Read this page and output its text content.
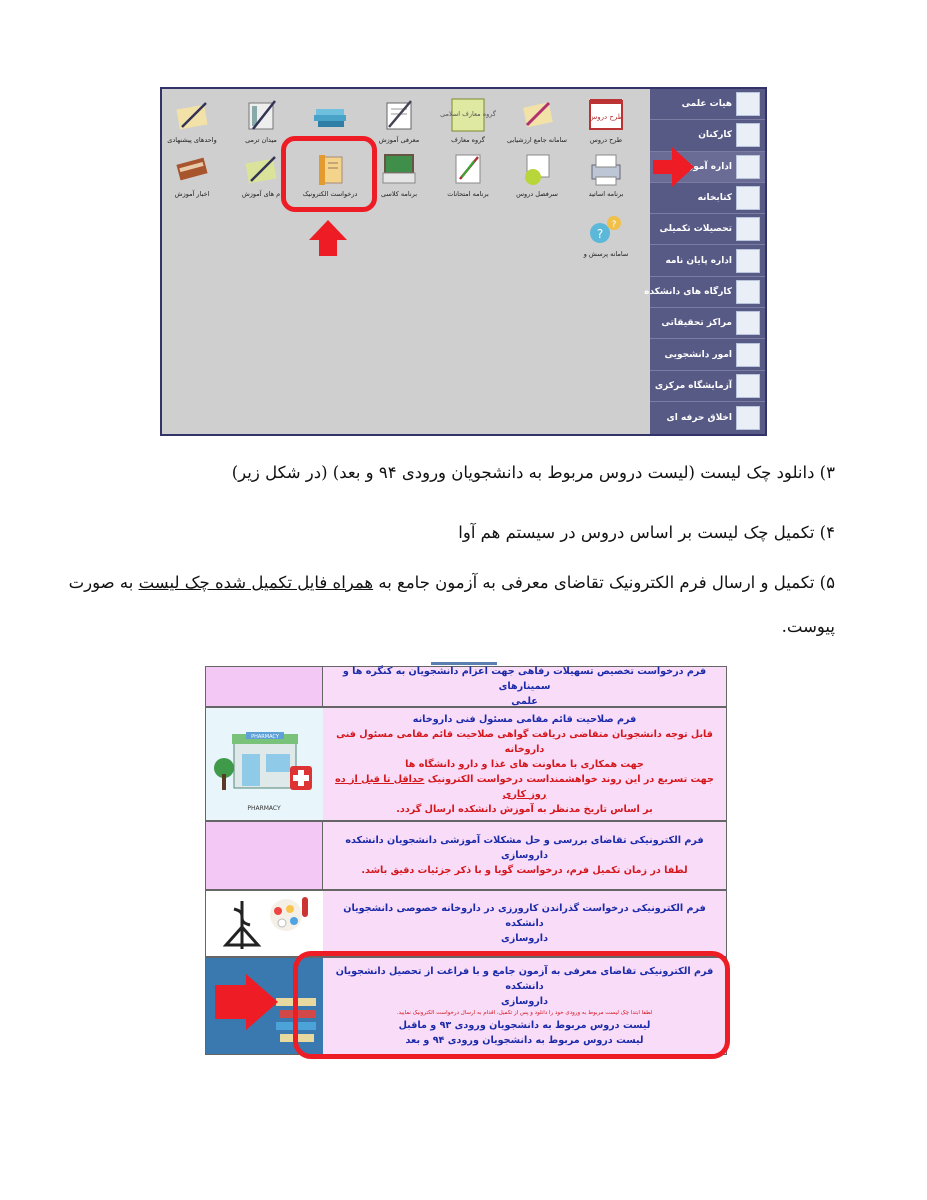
طرح دروس
طرح دروس
سامانه جامع ارزشیابی
گروه معارف اسلامی
گروه معارف
معرفی آموزش
میدان ترمی
واحدهای پیشنهادی
برنامه اساتید
سرفصل دروس
برنامه امتحانات
برنامه کلاسی
درخواست الکترونیک
م های آموزش
اخبار آموزش
?
?
سامانه پرسش و
هیات علمی
کارکنان
اداره آموزش
کتابخانه
تحصیلات تکمیلی
اداره پایان نامه
کارگاه های دانشکده
مراکز تحقیقاتی
امور دانشجویی
آزمایشگاه مرکزی
اخلاق حرفه ای
۳) دانلود چک لیست (لیست دروس مربوط به دانشجویان ورودی ۹۴ و بعد) (در شکل زیر)
۴) تکمیل چک لیست بر اساس دروس در سیستم هم آوا
۵) تکمیل و ارسال فرم الکترونیک تقاضای معرفی به آزمون جامع به همراه فایل تکمیل شده چک لیست به صورت
پیوست.
فرم درخواست تخصیص تسهیلات رفاهی جهت اعزام دانشجویان به کنگره ها و سمینارهای
علمی
PHARMACY
PHARMACY
فرم صلاحیت قائم مقامی مسئول فنی داروخانه
قابل توجه دانشجویان متقاضی دریافت گواهی صلاحیت قائم مقامی مسئول فنی داروخانه
جهت همکاری با معاونت های غذا و دارو دانشگاه ها
جهت تسریع در این روند خواهشمنداست درخواست الکترونیک حداقل تا قبل از ده روز کاری
بر اساس تاریخ مدنظر به آموزش دانشکده ارسال گردد.
فرم الکترونیکی تقاضای بررسی و حل مشکلات آموزشی دانشجویان دانشکده داروسازی
لطفا در زمان تکمیل فرم، درخواست گویا و با ذکر جزئیات دقیق باشد.
فرم الکترونیکی درخواست گذراندن کارورزی در داروخانه خصوصی دانشجویان دانشکده
داروسازی
فرم الکترونیکی تقاضای معرفی به آزمون جامع و با فراغت از تحصیل دانشجویان دانشکده
داروسازی
لطفا ابتدا چک لیست مربوط به ورودی خود را دانلود و پس از تکمیل، اقدام به ارسال درخواست الکترونیک نمایید.
لیست دروس مربوط به دانشجویان ورودی ۹۳ و ماقبل
لیست دروس مربوط به دانشجویان ورودی ۹۴ و بعد
